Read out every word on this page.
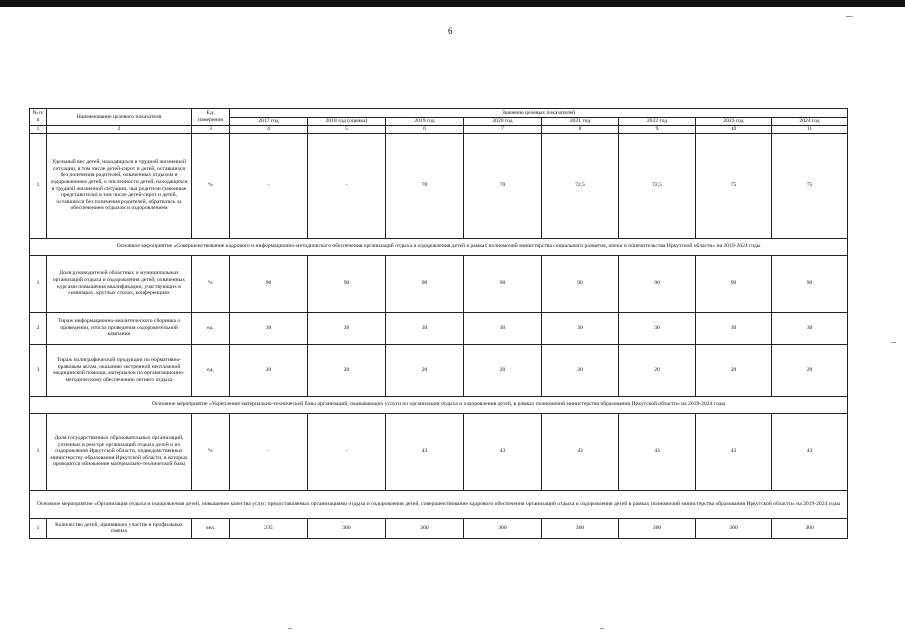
6
№ п/п	Наименование целевого показателя	Ед. измерения	Значение целевых показателей							
			2017 год	2018 год (оценка)	2019 год	2020 год	2021 год	2022 год	2023 год	2024 год
1	2	3	4	5	6	7	8	9	10	11
1	Удельный вес детей, находящихся в трудной жизненной ситуации, в том числе детей-сирот и детей, оставшихся без попечения родителей, охваченных отдыхом и оздоровлением детей, к численности детей, находящихся в трудной жизненной ситуации, чьи родители (законные представители) в том числе детей-сирот и детей, оставшихся без попечения родителей, обратились за обеспечением отдыхом и оздоровлением	%	-	-	70	70	72,5	72,5	75	75
Основное мероприятие «Совершенствование кадрового и информационно-методического обеспечения организаций отдыха и оздоровления детей в рамках полномочий министерства социального развития, опеки и попечительства Иркутской области» на 2019-2024 годы										
1	Доля руководителей областных и муниципальных организаций отдыха и оздоровления детей, охваченных курсами повышения квалификации, участвующих в семинарах, круглых столах, конференциях	%	90	90	90	90	90	90	90	90
2	Тираж информационно-аналитического сборника о проведении, итогах проведения оздоровительной кампании	ед.	30	30	30	30	30	30	30	30
3	Тираж полиграфической продукции по нормативно-правовым актам, оказанию экстренной неотложной медицинской помощи, материалов по организационно-методическому обеспечению летнего отдыха	ед.	20	20	20	20	20	20	20	20
Основное мероприятие «Укрепление материально-технической базы организаций, оказывающих услуги по организации отдыха и оздоровления детей, в рамках полномочий министерства образования Иркутской области» на 2019-2024 годы										
1	Доля государственных образовательных организаций, учтенных в реестре организаций отдыха детей и их оздоровления Иркутской области, подведомственных министерству образования Иркутской области, в которых проводится обновление материально-технической базы	%	-	-	43	43	43	43	43	43
Основное мероприятие «Организация отдыха и оздоровления детей, повышение качества услуг, предоставляемых организациями отдыха и оздоровления детей, совершенствование кадрового обеспечения организаций отдыха и оздоровления детей в рамках полномочий министерства образования Иркутской области» на 2019-2024 годы										
1	Количество детей, принявших участие в профильных сменах	чел.	235	360	360	360	360	360	360	360
